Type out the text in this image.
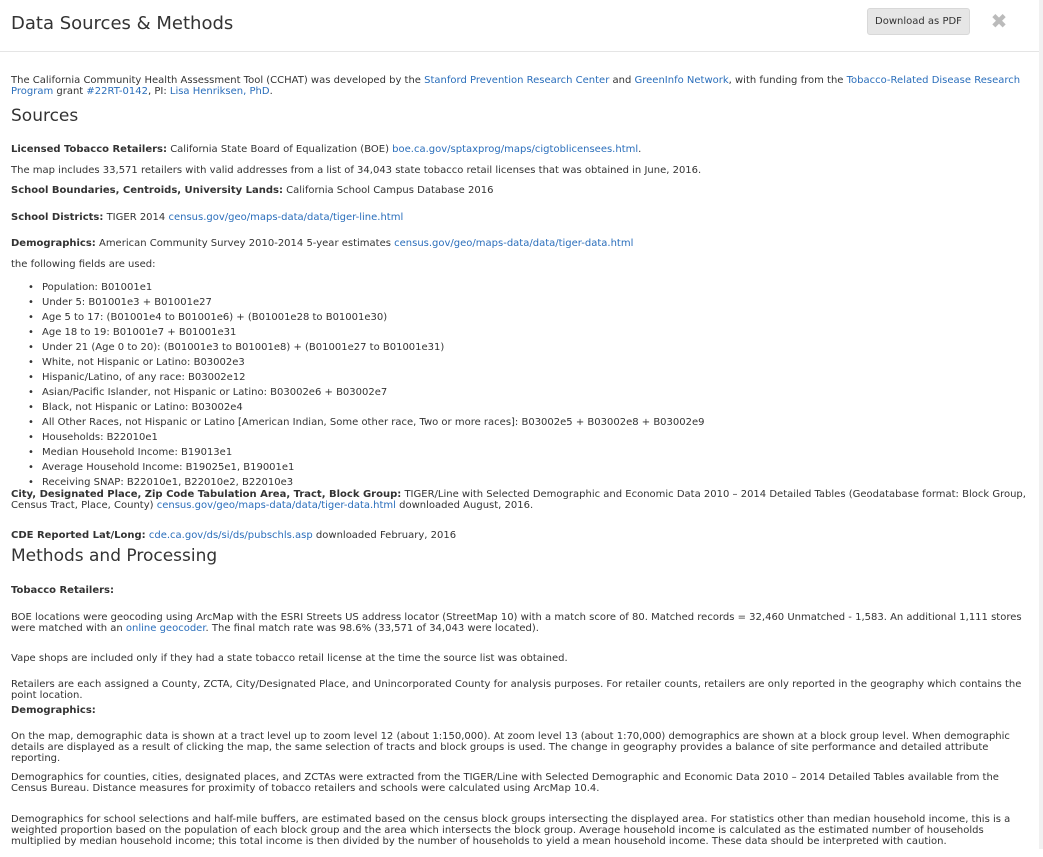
Data Sources & Methods	Download as PDF	✖

The California Community Health Assessment Tool (CCHAT) was developed by the Stanford Prevention Research Center and GreenInfo Network, with funding from the Tobacco-Related Disease Research Program grant #22RT-0142, PI: Lisa Henriksen, PhD.

Sources

Licensed Tobacco Retailers: California State Board of Equalization (BOE) boe.ca.gov/sptaxprog/maps/cigtoblicensees.html.

The map includes 33,571 retailers with valid addresses from a list of 34,043 state tobacco retail licenses that was obtained in June, 2016.

School Boundaries, Centroids, University Lands: California School Campus Database 2016

School Districts: TIGER 2014 census.gov/geo/maps-data/data/tiger-line.html

Demographics: American Community Survey 2010-2014 5-year estimates census.gov/geo/maps-data/data/tiger-data.html

the following fields are used:

• Population: B01001e1
• Under 5: B01001e3 + B01001e27
• Age 5 to 17: (B01001e4 to B01001e6) + (B01001e28 to B01001e30)
• Age 18 to 19: B01001e7 + B01001e31
• Under 21 (Age 0 to 20): (B01001e3 to B01001e8) + (B01001e27 to B01001e31)
• White, not Hispanic or Latino: B03002e3
• Hispanic/Latino, of any race: B03002e12
• Asian/Pacific Islander, not Hispanic or Latino: B03002e6 + B03002e7
• Black, not Hispanic or Latino: B03002e4
• All Other Races, not Hispanic or Latino [American Indian, Some other race, Two or more races]: B03002e5 + B03002e8 + B03002e9
• Households: B22010e1
• Median Household Income: B19013e1
• Average Household Income: B19025e1, B19001e1
• Receiving SNAP: B22010e1, B22010e2, B22010e3

City, Designated Place, Zip Code Tabulation Area, Tract, Block Group: TIGER/Line with Selected Demographic and Economic Data 2010 – 2014 Detailed Tables (Geodatabase format: Block Group, Census Tract, Place, County) census.gov/geo/maps-data/data/tiger-data.html downloaded August, 2016.

CDE Reported Lat/Long: cde.ca.gov/ds/si/ds/pubschls.asp downloaded February, 2016

Methods and Processing

Tobacco Retailers:

BOE locations were geocoding using ArcMap with the ESRI Streets US address locator (StreetMap 10) with a match score of 80. Matched records = 32,460 Unmatched - 1,583. An additional 1,111 stores were matched with an online geocoder. The final match rate was 98.6% (33,571 of 34,043 were located).

Vape shops are included only if they had a state tobacco retail license at the time the source list was obtained.

Retailers are each assigned a County, ZCTA, City/Designated Place, and Unincorporated County for analysis purposes. For retailer counts, retailers are only reported in the geography which contains the point location.

Demographics:

On the map, demographic data is shown at a tract level up to zoom level 12 (about 1:150,000). At zoom level 13 (about 1:70,000) demographics are shown at a block group level. When demographic details are displayed as a result of clicking the map, the same selection of tracts and block groups is used. The change in geography provides a balance of site performance and detailed attribute reporting.

Demographics for counties, cities, designated places, and ZCTAs were extracted from the TIGER/Line with Selected Demographic and Economic Data 2010 – 2014 Detailed Tables available from the Census Bureau. Distance measures for proximity of tobacco retailers and schools were calculated using ArcMap 10.4.

Demographics for school selections and half-mile buffers, are estimated based on the census block groups intersecting the displayed area. For statistics other than median household income, this is a weighted proportion based on the population of each block group and the area which intersects the block group. Average household income is calculated as the estimated number of households multiplied by median household income; this total income is then divided by the number of households to yield a mean household income. These data should be interpreted with caution.
